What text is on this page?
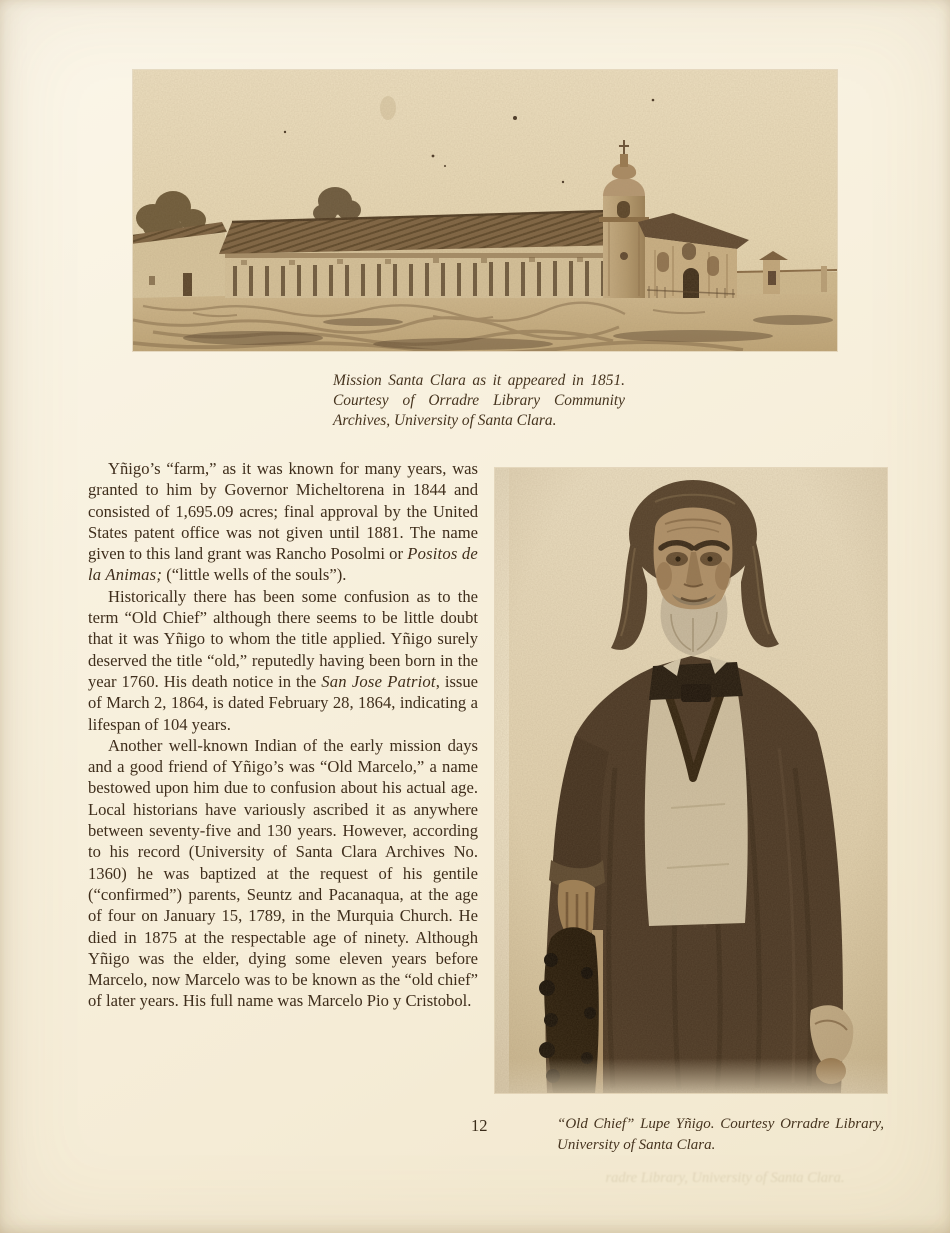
Mission Santa Clara as it appeared in 1851. Courtesy of Orradre Library Community Archives, University of Santa Clara.

Yñigo’s “farm,” as it was known for many years, was granted to him by Governor Micheltorena in 1844 and consisted of 1,695.09 acres; final approval by the United States patent office was not given until 1881. The name given to this land grant was Rancho Posolmi or Positos de la Animas; (“little wells of the souls”).

Historically there has been some confusion as to the term “Old Chief” although there seems to be little doubt that it was Yñigo to whom the title applied. Yñigo surely deserved the title “old,” reputedly having been born in the year 1760. His death notice in the San Jose Patriot, issue of March 2, 1864, is dated February 28, 1864, indicating a lifespan of 104 years.

Another well-known Indian of the early mission days and a good friend of Yñigo’s was “Old Marcelo,” a name bestowed upon him due to confusion about his actual age. Local historians have variously ascribed it as anywhere between seventy-five and 130 years. However, according to his record (University of Santa Clara Archives No. 1360) he was baptized at the request of his gentile (“confirmed”) parents, Seuntz and Pacanaqua, at the age of four on January 15, 1789, in the Murquia Church. He died in 1875 at the respectable age of ninety. Although Yñigo was the elder, dying some eleven years before Marcelo, now Marcelo was to be known as the “old chief” of later years. His full name was Marcelo Pio y Cristobol.

12	“Old Chief” Lupe Yñigo. Courtesy Orradre Library, University of Santa Clara.
radre Library, University of Santa Clara.
